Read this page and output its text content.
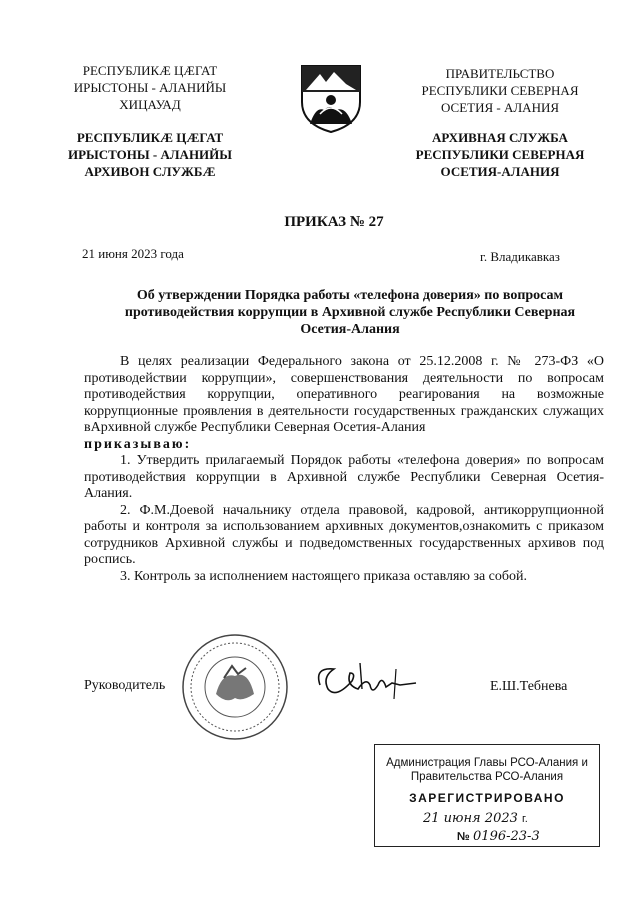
РЕСПУБЛИКӔ ЦӔГАТ
ИРЫСТОНЫ - АЛАНИЙЫ
ХИЦАУАД
РЕСПУБЛИКӔ ЦӔГАТ
ИРЫСТОНЫ - АЛАНИЙЫ
АРХИВОН СЛУЖБӔ
ПРАВИТЕЛЬСТВО
РЕСПУБЛИКИ СЕВЕРНАЯ
ОСЕТИЯ - АЛАНИЯ
АРХИВНАЯ СЛУЖБА
РЕСПУБЛИКИ СЕВЕРНАЯ
ОСЕТИЯ-АЛАНИЯ
ПРИКАЗ № 27
21 июня 2023 года	г. Владикавказ
Об утверждении Порядка работы «телефона доверия» по вопросам
противодействия коррупции в Архивной службе Республики Северная
Осетия-Алания

В целях реализации Федерального закона от 25.12.2008 г. № 273-ФЗ «О противодействии коррупции», совершенствования деятельности по вопросам противодействия коррупции, оперативного реагирования на возможные коррупционные проявления в деятельности государственных гражданских служащих вАрхивной службе Республики Северная Осетия-Алания

приказываю:

1. Утвердить прилагаемый Порядок работы «телефона доверия» по вопросам противодействия коррупции в Архивной службе Республики Северная Осетия-Алания.

2. Ф.М.Доевой начальнику отдела правовой, кадровой, антикоррупционной работы и контроля за использованием архивных документов,ознакомить с приказом сотрудников Архивной службы и подведомственных государственных архивов под роспись.

3. Контроль за исполнением настоящего приказа оставляю за собой.

Руководитель	Е.Ш.Тебнева
Администрация Главы РСО-Алания и
Правительства РСО-Алания
ЗАРЕГИСТРИРОВАНО
21 июня 2023 г.
№ 0196-23-3
